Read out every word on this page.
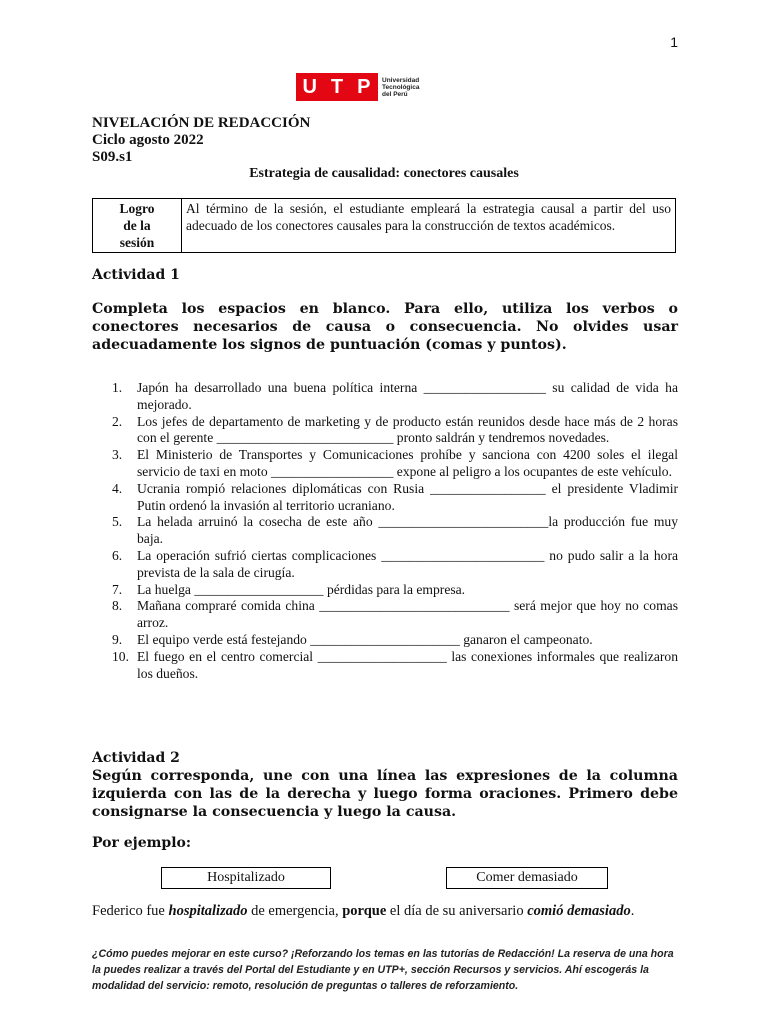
1
U T P Universidad
Tecnológica
del Perú
NIVELACIÓN DE REDACCIÓN
Ciclo agosto 2022
S09.s1
Estrategia de causalidad: conectores causales
Logro
de la
sesión
	Al término de la sesión, el estudiante empleará la estrategia causal a partir del uso adecuado de los conectores causales para la construcción de textos académicos.
Actividad 1
Completa los espacios en blanco. Para ello, utiliza los verbos o conectores necesarios de causa o consecuencia. No olvides usar adecuadamente los signos de puntuación (comas y puntos).
1. Japón ha desarrollado una buena política interna __________________ su calidad de vida ha mejorado.
2. Los jefes de departamento de marketing y de producto están reunidos desde hace más de 2 horas con el gerente __________________________ pronto saldrán y tendremos novedades.
3. El Ministerio de Transportes y Comunicaciones prohíbe y sanciona con 4200 soles el ilegal servicio de taxi en moto __________________ expone al peligro a los ocupantes de este vehículo.
4. Ucrania rompió relaciones diplomáticas con Rusia _________________ el presidente Vladimir Putin ordenó la invasión al territorio ucraniano.
5. La helada arruinó la cosecha de este año _________________________la producción fue muy baja.
6. La operación sufrió ciertas complicaciones ________________________ no pudo salir a la hora prevista de la sala de cirugía.
7. La huelga ___________________ pérdidas para la empresa.
8. Mañana compraré comida china ____________________________ será mejor que hoy no comas arroz.
9. El equipo verde está festejando ______________________ ganaron el campeonato.
10. El fuego en el centro comercial ___________________ las conexiones informales que realizaron los dueños.
Actividad 2
Según corresponda, une con una línea las expresiones de la columna izquierda con las de la derecha y luego forma oraciones. Primero debe consignarse la consecuencia y luego la causa.
Por ejemplo:
Hospitalizado	Comer demasiado
Federico fue hospitalizado de emergencia, porque el día de su aniversario comió demasiado.
¿Cómo puedes mejorar en este curso? ¡Reforzando los temas en las tutorías de Redacción! La reserva de una hora la puedes realizar a través del Portal del Estudiante y en UTP+, sección Recursos y servicios. Ahí escogerás la modalidad del servicio: remoto, resolución de preguntas o talleres de reforzamiento.
